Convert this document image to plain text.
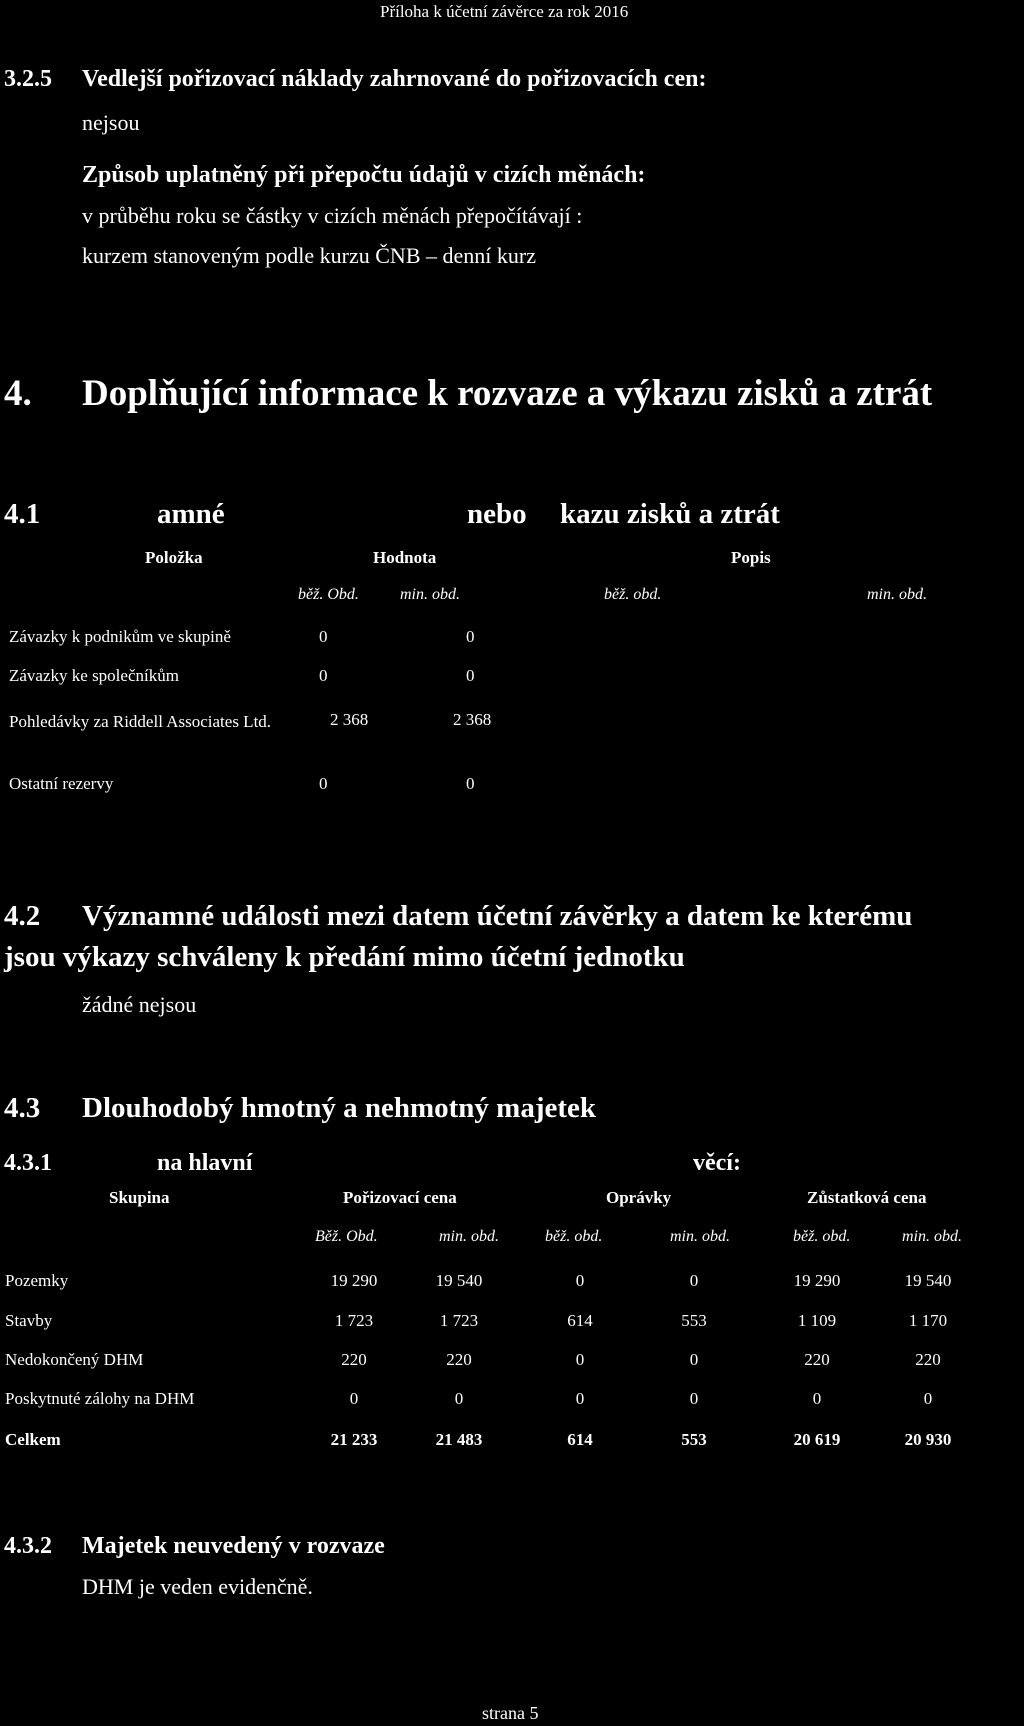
Příloha k účetní závěrce za rok 2016
3.2.5 Vedlejší pořizovací náklady zahrnované do pořizovacích cen:
nejsou
Způsob uplatněný při přepočtu údajů v cizích měnách:
v průběhu roku se částky v cizích měnách přepočítávají :
kurzem stanoveným podle kurzu ČNB – denní kurz
4. Doplňující informace k rozvaze a výkazu zisků a ztrát
4.1	amné	nebo kazu zisků a ztrát
Položka	Hodnota	Popis
běž. Obd.	min. obd.	běž. obd.	min. obd.
Závazky k podnikům ve skupině	0	0
Závazky ke společníkům	0	0
Pohledávky za Riddell Associates Ltd.	2 368	2 368
Ostatní rezervy	0	0
4.2 Významné události mezi datem účetní závěrky a datem ke kterému
jsou výkazy schváleny k předání mimo účetní jednotku
žádné nejsou
4.3 Dlouhodobý hmotný a nehmotný majetek
4.3.1	na hlavní	věcí:
Skupina	Pořizovací cena	Oprávky	Zůstatková cena
Běž. Obd.	min. obd.	běž. obd.	min. obd.	běž. obd.	min. obd.
Pozemky	19 290	19 540	0	0	19 290	19 540
Stavby	1 723	1 723	614	553	1 109	1 170
Nedokončený DHM	220	220	0	0	220	220
Poskytnuté zálohy na DHM	0	0	0	0	0	0
Celkem	21 233	21 483	614	553	20 619	20 930
4.3.2 Majetek neuvedený v rozvaze
DHM je veden evidenčně.
strana 5
